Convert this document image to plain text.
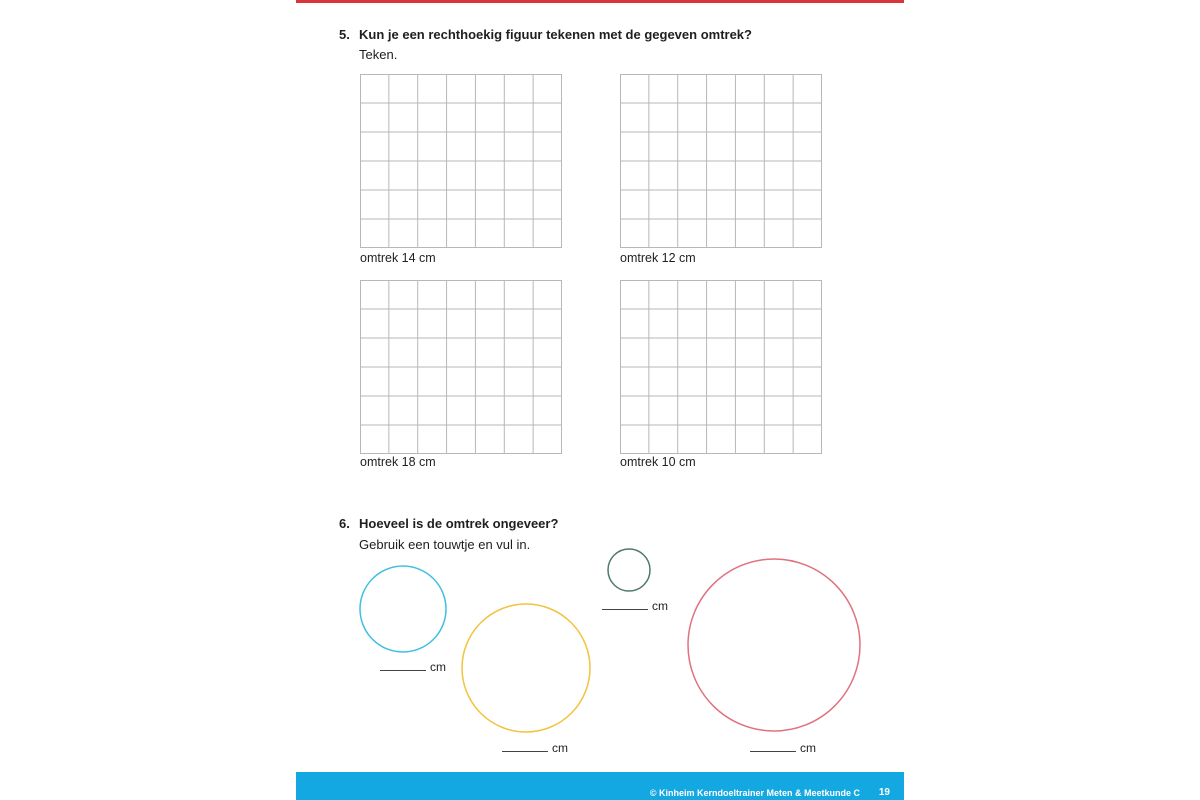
5. Kun je een rechthoekig figuur tekenen met de gegeven omtrek?
Teken.
omtrek 14 cm	omtrek 12 cm
omtrek 18 cm	omtrek 10 cm
6. Hoeveel is de omtrek ongeveer?
Gebruik een touwtje en vul in.
cm
cm
cm
cm
© Kinheim Kerndoeltrainer Meten & Meetkunde C 19
